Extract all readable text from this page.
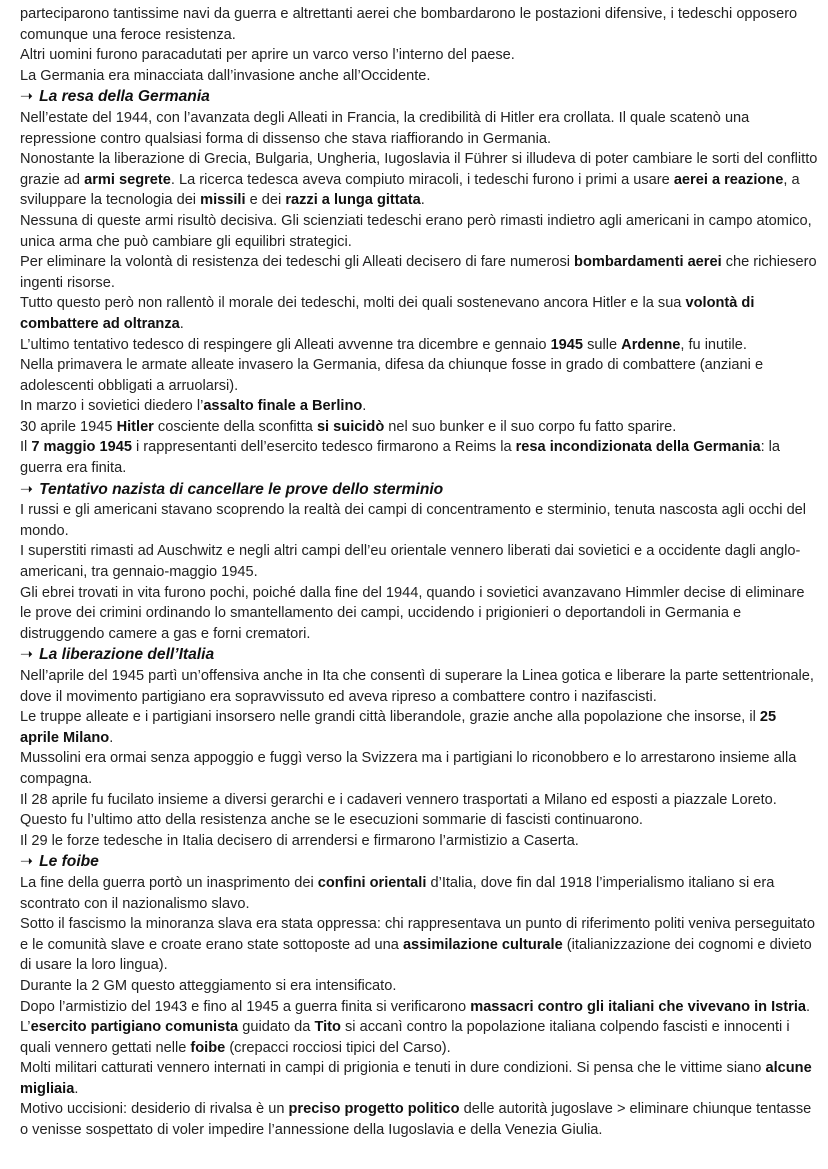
parteciparono tantissime navi da guerra e altrettanti aerei che bombardarono le postazioni difensive, i tedeschi opposero comunque una feroce resistenza.

Altri uomini furono paracadutati per aprire un varco verso l’interno del paese.

La Germania era minacciata dall’invasione anche all’Occidente.

➝ La resa della Germania

Nell’estate del 1944, con l’avanzata degli Alleati in Francia, la credibilità di Hitler era crollata. Il quale scatenò una repressione contro qualsiasi forma di dissenso che stava riaffiorando in Germania.

Nonostante la liberazione di Grecia, Bulgaria, Ungheria, Iugoslavia il Führer si illudeva di poter cambiare le sorti del conflitto grazie ad armi segrete. La ricerca tedesca aveva compiuto miracoli, i tedeschi furono i primi a usare aerei a reazione, a sviluppare la tecnologia dei missili e dei razzi a lunga gittata.

Nessuna di queste armi risultò decisiva. Gli scienziati tedeschi erano però rimasti indietro agli americani in campo atomico, unica arma che può cambiare gli equilibri strategici.

Per eliminare la volontà di resistenza dei tedeschi gli Alleati decisero di fare numerosi bombardamenti aerei che richiesero ingenti risorse.

Tutto questo però non rallentò il morale dei tedeschi, molti dei quali sostenevano ancora Hitler e la sua volontà di combattere ad oltranza.

L’ultimo tentativo tedesco di respingere gli Alleati avvenne tra dicembre e gennaio 1945 sulle Ardenne, fu inutile.

Nella primavera le armate alleate invasero la Germania, difesa da chiunque fosse in grado di combattere (anziani e adolescenti obbligati a arruolarsi).

In marzo i sovietici diedero l’assalto finale a Berlino.

30 aprile 1945 Hitler cosciente della sconfitta si suicidò nel suo bunker e il suo corpo fu fatto sparire.

Il 7 maggio 1945 i rappresentanti dell’esercito tedesco firmarono a Reims la resa incondizionata della Germania: la guerra era finita.

➝ Tentativo nazista di cancellare le prove dello sterminio

I russi e gli americani stavano scoprendo la realtà dei campi di concentramento e sterminio, tenuta nascosta agli occhi del mondo.

I superstiti rimasti ad Auschwitz e negli altri campi dell’eu orientale vennero liberati dai sovietici e a occidente dagli anglo-americani, tra gennaio-maggio 1945.

Gli ebrei trovati in vita furono pochi, poiché dalla fine del 1944, quando i sovietici avanzavano Himmler decise di eliminare le prove dei crimini ordinando lo smantellamento dei campi, uccidendo i prigionieri o deportandoli in Germania e distruggendo camere a gas e forni crematori.

➝ La liberazione dell’Italia

Nell’aprile del 1945 partì un’offensiva anche in Ita che consentì di superare la Linea gotica e liberare la parte settentrionale, dove il movimento partigiano era sopravvissuto ed aveva ripreso a combattere contro i nazifascisti.

Le truppe alleate e i partigiani insorsero nelle grandi città liberandole, grazie anche alla popolazione che insorse, il 25 aprile Milano.

Mussolini era ormai senza appoggio e fuggì verso la Svizzera ma i partigiani lo riconobbero e lo arrestarono insieme alla compagna.

Il 28 aprile fu fucilato insieme a diversi gerarchi e i cadaveri vennero trasportati a Milano ed esposti a piazzale Loreto.

Questo fu l’ultimo atto della resistenza anche se le esecuzioni sommarie di fascisti continuarono.

Il 29 le forze tedesche in Italia decisero di arrendersi e firmarono l’armistizio a Caserta.

➝ Le foibe

La fine della guerra portò un inasprimento dei confini orientali d’Italia, dove fin dal 1918 l’imperialismo italiano si era scontrato con il nazionalismo slavo.

Sotto il fascismo la minoranza slava era stata oppressa: chi rappresentava un punto di riferimento politi veniva perseguitato e le comunità slave e croate erano state sottoposte ad una assimilazione culturale (italianizzazione dei cognomi e divieto di usare la loro lingua).

Durante la 2 GM questo atteggiamento si era intensificato.

Dopo l’armistizio del 1943 e fino al 1945 a guerra finita si verificarono massacri contro gli italiani che vivevano in Istria.

L’esercito partigiano comunista guidato da Tito si accanì contro la popolazione italiana colpendo fascisti e innocenti i quali vennero gettati nelle foibe (crepacci rocciosi tipici del Carso).

Molti militari catturati vennero internati in campi di prigionia e tenuti in dure condizioni. Si pensa che le vittime siano alcune migliaia.

Motivo uccisioni: desiderio di rivalsa è un preciso progetto politico delle autorità jugoslave > eliminare chiunque tentasse o venisse sospettato di voler impedire l’annessione della Iugoslavia e della Venezia Giulia.
